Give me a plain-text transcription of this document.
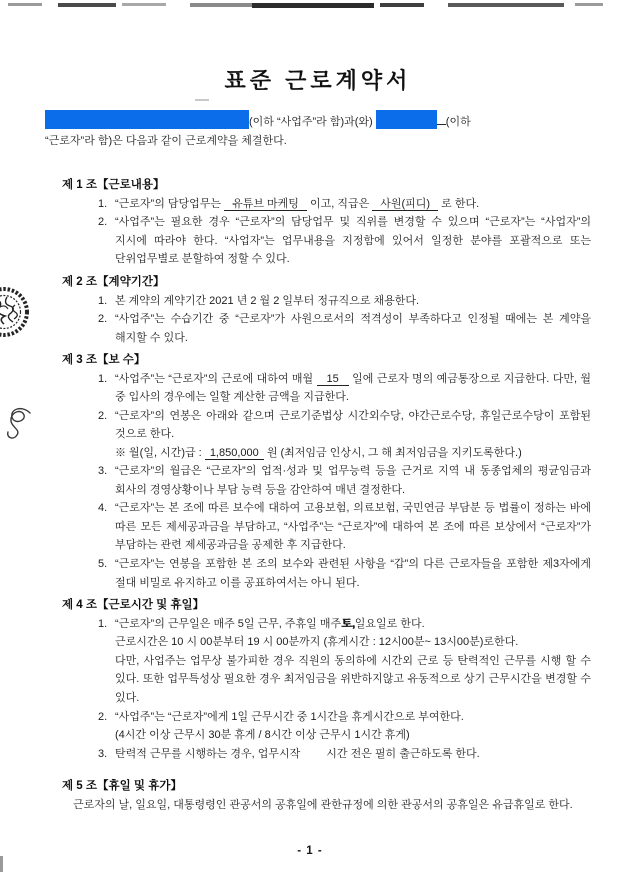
표준 근로계약서
(이하 “사업주”라 함)과(와)	(이하
“근로자”라 함)은 다음과 같이 근로계약을 체결한다.
제 1 조【근로내용】
1. “근로자”의 담당업무는 유튜브 마케팅 이고, 직급은 사원(피디) 로 한다.
2. “사업주”는 필요한 경우 “근로자”의 담당업무 및 직위를 변경할 수 있으며 “근로자”는 “사업자”의 지시에 따라야 한다. “사업자”는 업무내용을 지정함에 있어서 일정한 분야를 포괄적으로 또는 단위업무별로 분할하여 정할 수 있다.
제 2 조【계약기간】
1. 본 계약의 계약기간 2021 년 2 월 2 일부터 정규직으로 채용한다.
2. “사업주”는 수습기간 중 “근로자”가 사원으로서의 적격성이 부족하다고 인정될 때에는 본 계약을 해지할 수 있다.
제 3 조【보 수】
1. “사업주”는 “근로자”의 근로에 대하여 매월 15 일에 근로자 명의 예금통장으로 지급한다. 다만, 월 중 입사의 경우에는 일할 계산한 금액을 지급한다.
2. “근로자”의 연봉은 아래와 같으며 근로기준법상 시간외수당, 야간근로수당, 휴일근로수당이 포함된 것으로 한다.
※ 월(일, 시간)급 : 1,850,000 원 (최저임금 인상시, 그 해 최저임금을 지키도록한다.)
3. “근로자”의 월급은 “근로자”의 업적·성과 및 업무능력 등을 근거로 지역 내 동종업체의 평균임금과 회사의 경영상황이나 부담 능력 등을 감안하여 매년 결정한다.
4. “근로자”는 본 조에 따른 보수에 대하여 고용보험, 의료보험, 국민연금 부담분 등 법률이 정하는 바에 따른 모든 제세공과금을 부담하고, “사업주”는 “근로자”에 대하여 본 조에 따른 보상에서 “근로자”가 부담하는 관련 제세공과금을 공제한 후 지급한다.
5. “근로자”는 연봉을 포함한 본 조의 보수와 관련된 사항을 “갑”의 다른 근로자들을 포함한 제3자에게 절대 비밀로 유지하고 이를 공표하여서는 아니 된다.
제 4 조【근로시간 및 휴일】
1. “근로자”의 근무일은 매주 5일 근무, 주휴일 매주토,일요일로 한다.
근로시간은 10 시 00분부터 19 시 00분까지 (휴게시간 : 12시00분~ 13시00분)로한다.
다만, 사업주는 업무상 불가피한 경우 직원의 동의하에 시간외 근로 등 탄력적인 근무를 시행 할 수 있다. 또한 업무특성상 필요한 경우 최저임금을 위반하지않고 유동적으로 상기 근무시간을 변경할 수 있다.
2. “사업주”는 “근로자”에게 1일 근무시간 중 1시간을 휴게시간으로 부여한다.
(4시간 이상 근무시 30분 휴게 / 8시간 이상 근무시 1시간 휴게)
3. 탄력적 근무를 시행하는 경우, 업무시작 시간 전은 필히 출근하도록 한다.
제 5 조【휴일 및 휴가】
근로자의 날, 일요일, 대통령령인 관공서의 공휴일에 관한규정에 의한 관공서의 공휴일은 유급휴일로 한다.
- 1 -
